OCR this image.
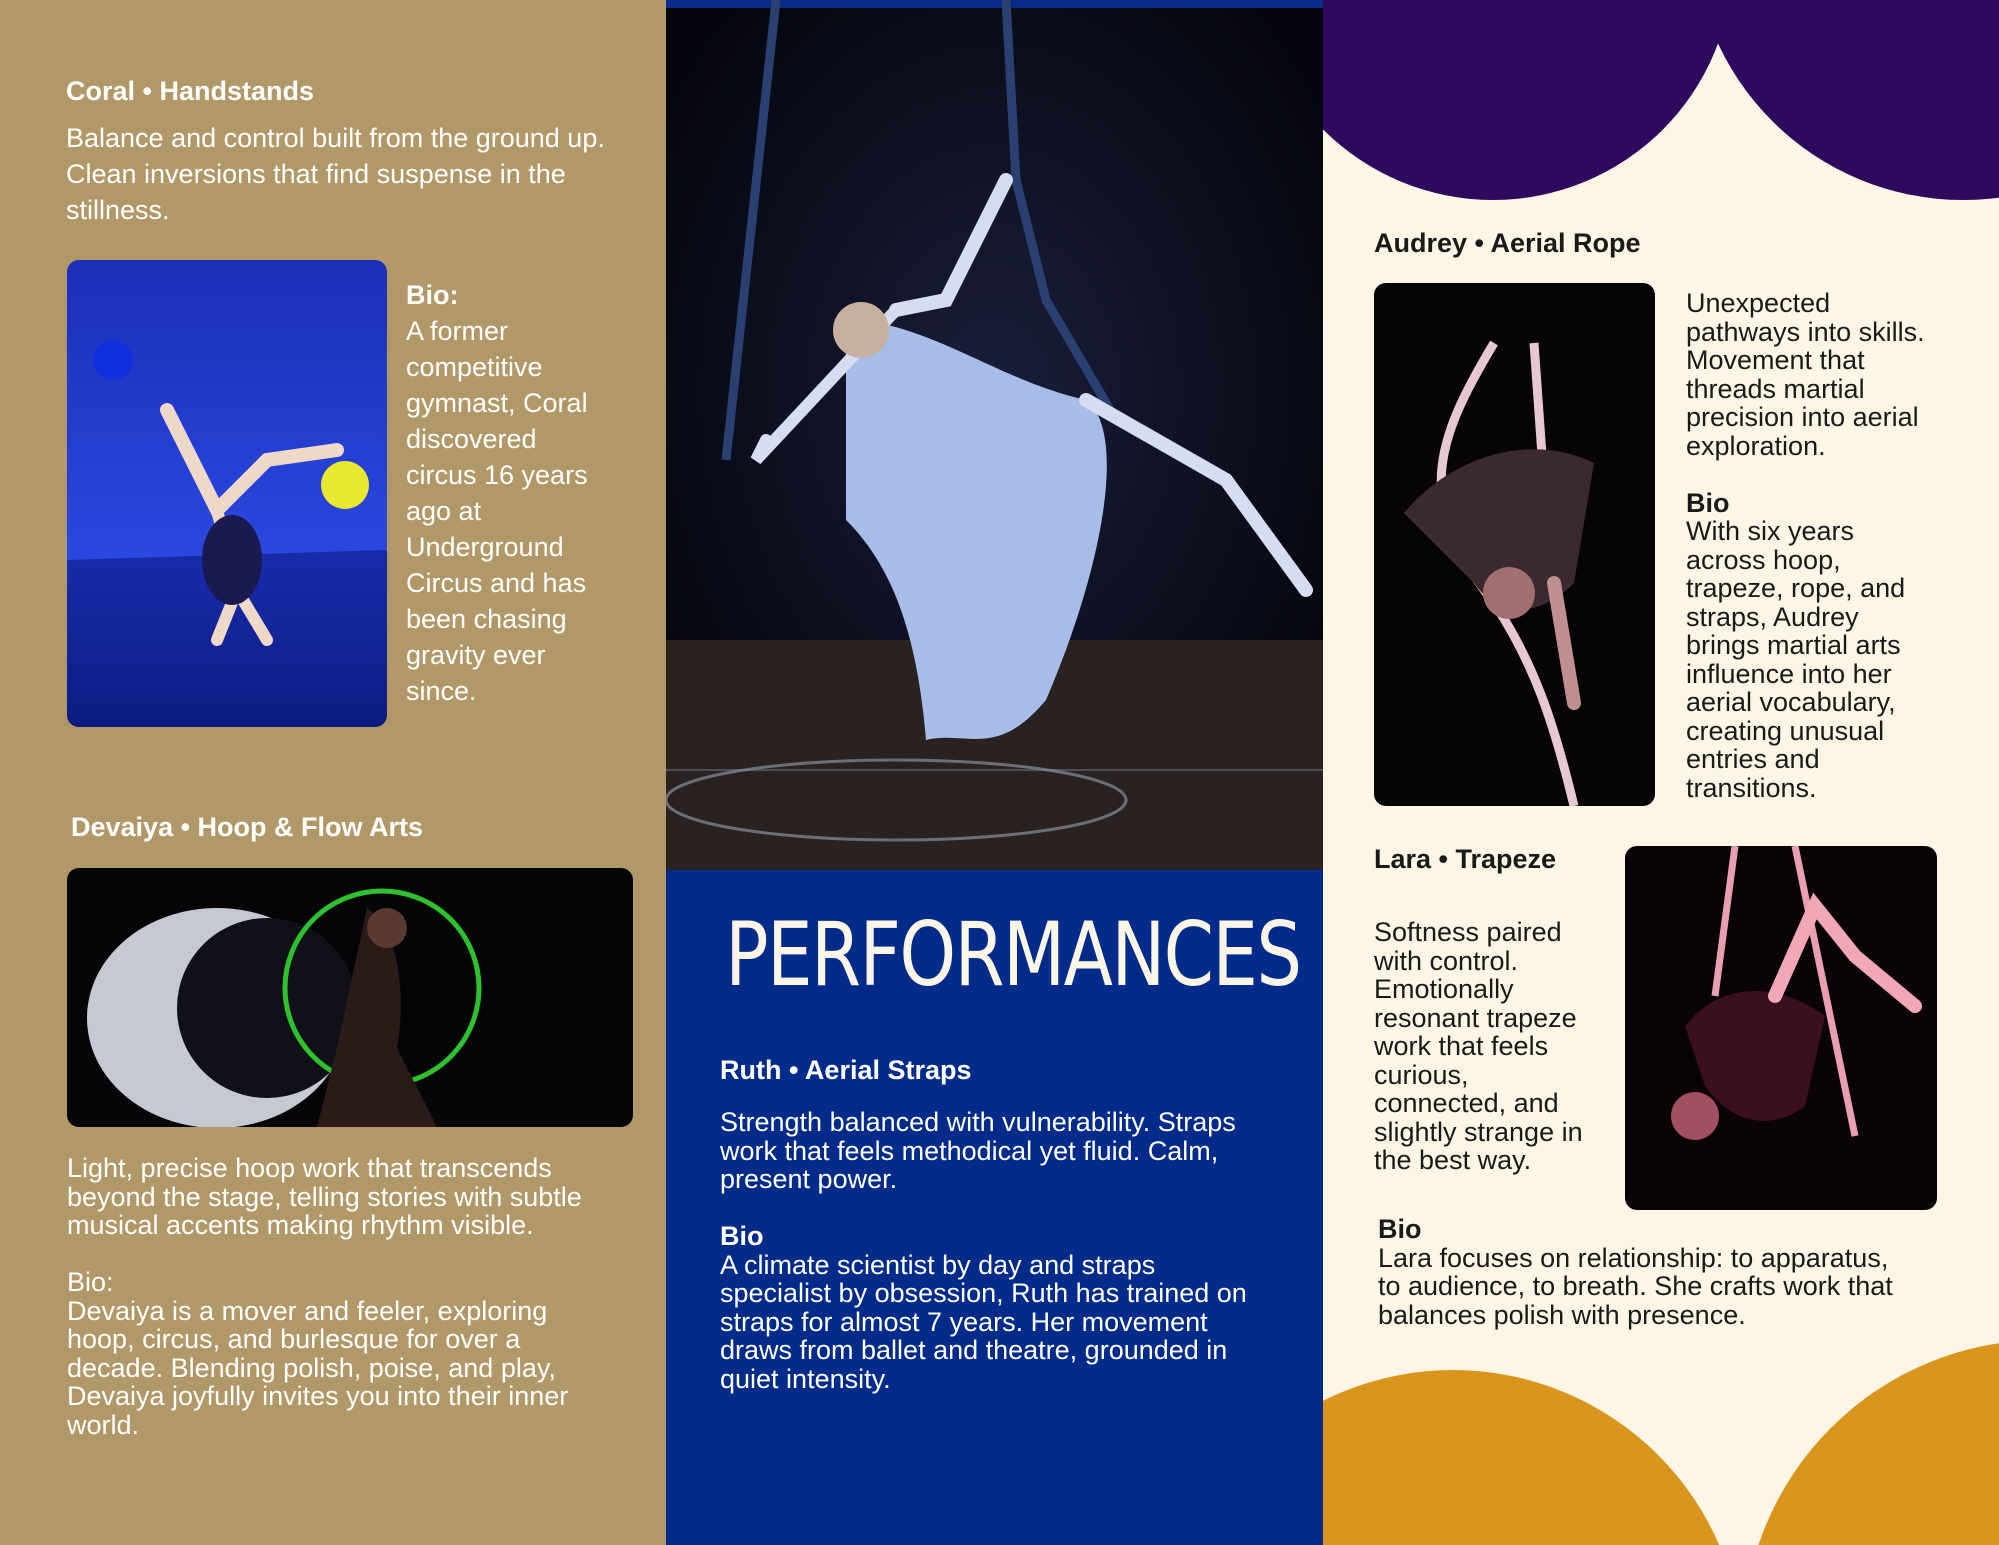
Coral • Handstands

Balance and control built from the ground up. Clean inversions that find suspense in the stillness.

Bio:
A former
competitive
gymnast, Coral
discovered
circus 16 years
ago at
Underground
Circus and has
been chasing
gravity ever
since.
Devaiya • Hoop & Flow Arts
Light, precise hoop work that transcends
beyond the stage, telling stories with subtle
musical accents making rhythm visible.
Bio:
Devaiya is a mover and feeler, exploring
hoop, circus, and burlesque for over a
decade. Blending polish, poise, and play,
Devaiya joyfully invites you into their inner
world.
PERFORMANCES
Ruth • Aerial Straps
Strength balanced with vulnerability. Straps
work that feels methodical yet fluid. Calm,
present power.
Bio
A climate scientist by day and straps
specialist by obsession, Ruth has trained on
straps for almost 7 years. Her movement
draws from ballet and theatre, grounded in
quiet intensity.
Audrey • Aerial Rope
Unexpected
pathways into skills.
Movement that
threads martial
precision into aerial
exploration.
Bio
With six years
across hoop,
trapeze, rope, and
straps, Audrey
brings martial arts
influence into her
aerial vocabulary,
creating unusual
entries and
transitions.
Lara • Trapeze
Softness paired
with control.
Emotionally
resonant trapeze
work that feels
curious,
connected, and
slightly strange in
the best way.
Bio
Lara focuses on relationship: to apparatus,
to audience, to breath. She crafts work that
balances polish with presence.
